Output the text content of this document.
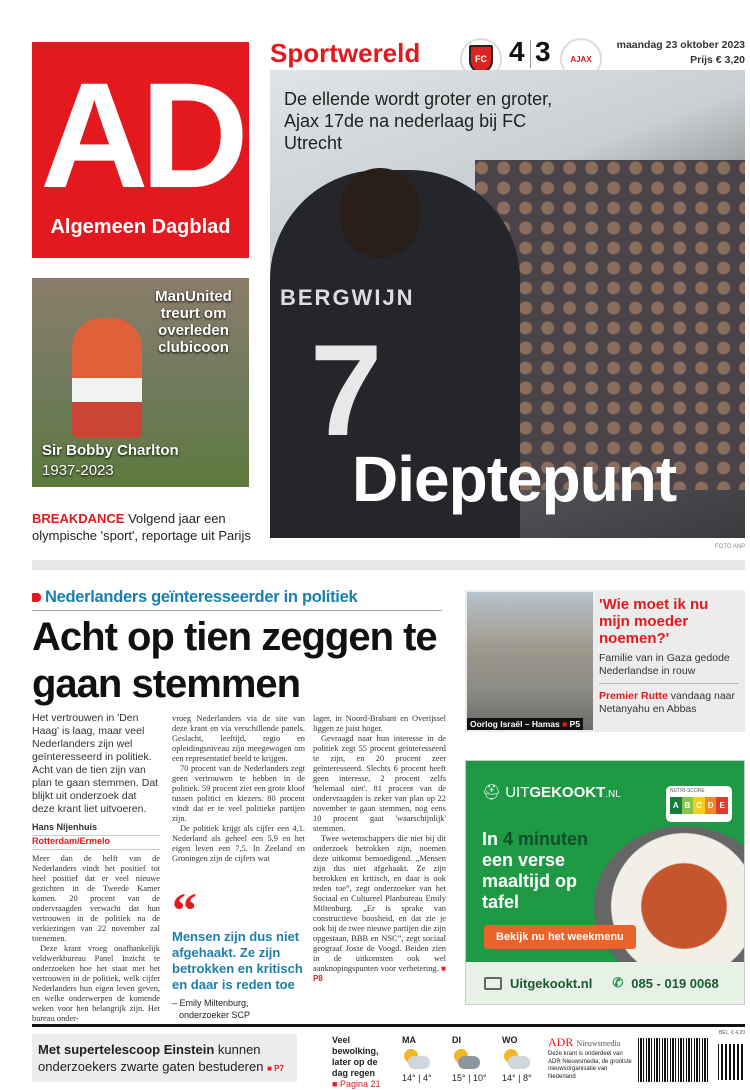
AD
Algemeen Dagblad
ManUnited treurt om overleden clubicoon
Sir Bobby Charlton
1937-2023
BREAKDANCE Volgend jaar een olympische 'sport', reportage uit Parijs
Sportwereld	FC 4 3	AJAX
maandag 23 oktober 2023
Prijs € 3,20
BERGWIJN
7
De ellende wordt groter en groter, Ajax 17de na nederlaag bij FC Utrecht
Dieptepunt
FOTO ANP
Nederlanders geïnteresseerder in politiek
Acht op tien zeggen te gaan stemmen
Het vertrouwen in 'Den Haag' is laag, maar veel Nederlanders zijn wel geïnteresseerd in politiek. Acht van de tien zijn van plan te gaan stemmen. Dat blijkt uit onderzoek dat deze krant liet uitvoeren.
Hans Nijenhuis
Rotterdam/Ermelo

Meer dan de helft van de Nederlanders vindt het positief tot heel positief dat er veel nieuwe gezichten in de Tweede Kamer komen. 20 procent van de ondervraagden verwacht dat hun vertrouwen in de politiek na de verkiezingen van 22 november zal toenemen.

Deze krant vroeg onafhankelijk veldwerkbureau Panel Inzicht te onderzoeken hoe het staat met het vertrouwen in de politiek, welk cijfer Nederlanders hun eigen leven geven, en welke onderwerpen de komende weken voor hen belangrijk zijn. Het bureau onder-

vroeg Nederlanders via de site van deze krant en via verschillende panels. Geslacht, leeftijd, regio en opleidingsniveau zijn meegewogen om een representatief beeld te krijgen.

70 procent van de Nederlanders zegt geen vertrouwen te hebben in de politiek. 59 procent ziet een grote kloof tussen politici en kiezers. 80 procent vindt dat er te veel politieke partijen zijn.

De politiek krijgt als cijfer een 4,1. Nederland als geheel een 5,9 en het eigen leven een 7,5. In Zeeland en Groningen zijn de cijfers wat

“
Mensen zijn dus niet afgehaakt. Ze zijn betrokken en kritisch en daar is reden toe
– Emily Miltenburg,
onderzoeker SCP

lager, in Noord-Brabant en Overijssel liggen ze juist hoger.

Gevraagd naar hun interesse in de politiek zegt 55 procent geïnteresseerd te zijn, en 20 procent zeer geïnteresseerd. Slechts 6 procent heeft geen interesse, 2 procent zelfs 'helemaal niet'. 81 procent van de ondervraagden is zeker van plan op 22 november te gaan stemmen, nog eens 10 procent gaat 'waarschijnlijk' stemmen.

Twee wetenschappers die niet bij dit onderzoek betrokken zijn, noemen deze uitkomst bemoedigend. „Mensen zijn dus niet afgehaakt. Ze zijn betrokken en kritisch, en daar is ook reden toe”, zegt onderzoeker van het Sociaal en Cultureel Planbureau Emily Miltenburg. „Er is sprake van constructieve boosheid, en dat zie je ook bij de twee nieuwe partijen die zijn opgestaan, BBB en NSC”, zegt sociaal geograaf Josse de Voogd. Beiden zien in de uitkomsten ook wel aanknopingspunten voor verbetering. ■ P8

Oorlog Israël – Hamas ■ P5
'Wie moet ik nu mijn moeder noemen?'
Familie van in Gaza gedode Nederlandse in rouw
Premier Rutte vandaag naar Netanyahu en Abbas
⛑ UITGEKOOKT.NL	NUTRI-SCORE
A B C D E
In 4 minuten
een verse maaltijd op tafel
Bekijk nu het weekmenu
Uitgekookt.nl ✆ 085 - 019 0068
Met supertelescoop Einstein kunnen onderzoekers zwarte gaten bestuderen ■ P7
Veel bewolking, later op de dag regen
■ Pagina 21
MA
14° | 4°
DI
15° | 10°
WO
14° | 8°
ADR Nieuwsmedia
Deze krant is onderdeel van ADR Nieuwsmedia, de grootste nieuwsorganisatie van Nederland
BEL. € 4,20
